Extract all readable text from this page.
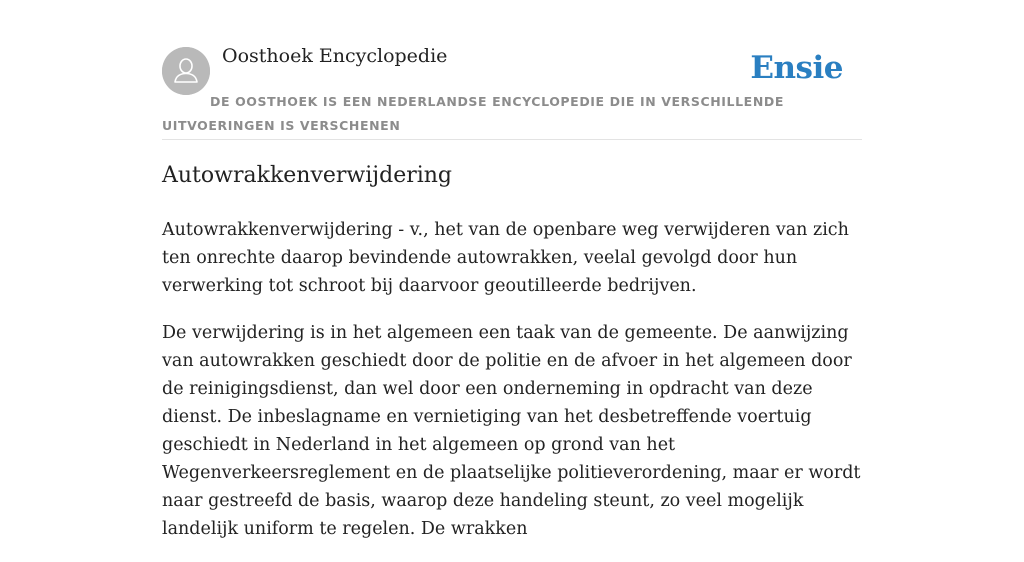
Oosthoek Encyclopedie	Ensie
DE OOSTHOEK IS EEN NEDERLANDSE ENCYCLOPEDIE DIE IN VERSCHILLENDE UITVOERINGEN IS VERSCHENEN
Autowrakkenverwijdering

Autowrakkenverwijdering - v., het van de openbare weg verwijderen van zich ten onrechte daarop bevindende autowrakken, veelal gevolgd door hun verwerking tot schroot bij daarvoor geoutilleerde bedrijven.

De verwijdering is in het algemeen een taak van de gemeente. De aanwijzing van autowrakken geschiedt door de politie en de afvoer in het algemeen door de reinigingsdienst, dan wel door een onderneming in opdracht van deze dienst. De inbeslagname en vernietiging van het desbetreffende voertuig geschiedt in Nederland in het algemeen op grond van het Wegenverkeersreglement en de plaatselijke politieverordening, maar er wordt naar gestreefd de basis, waarop deze handeling steunt, zo veel mogelijk landelijk uniform te regelen. De wrakken
